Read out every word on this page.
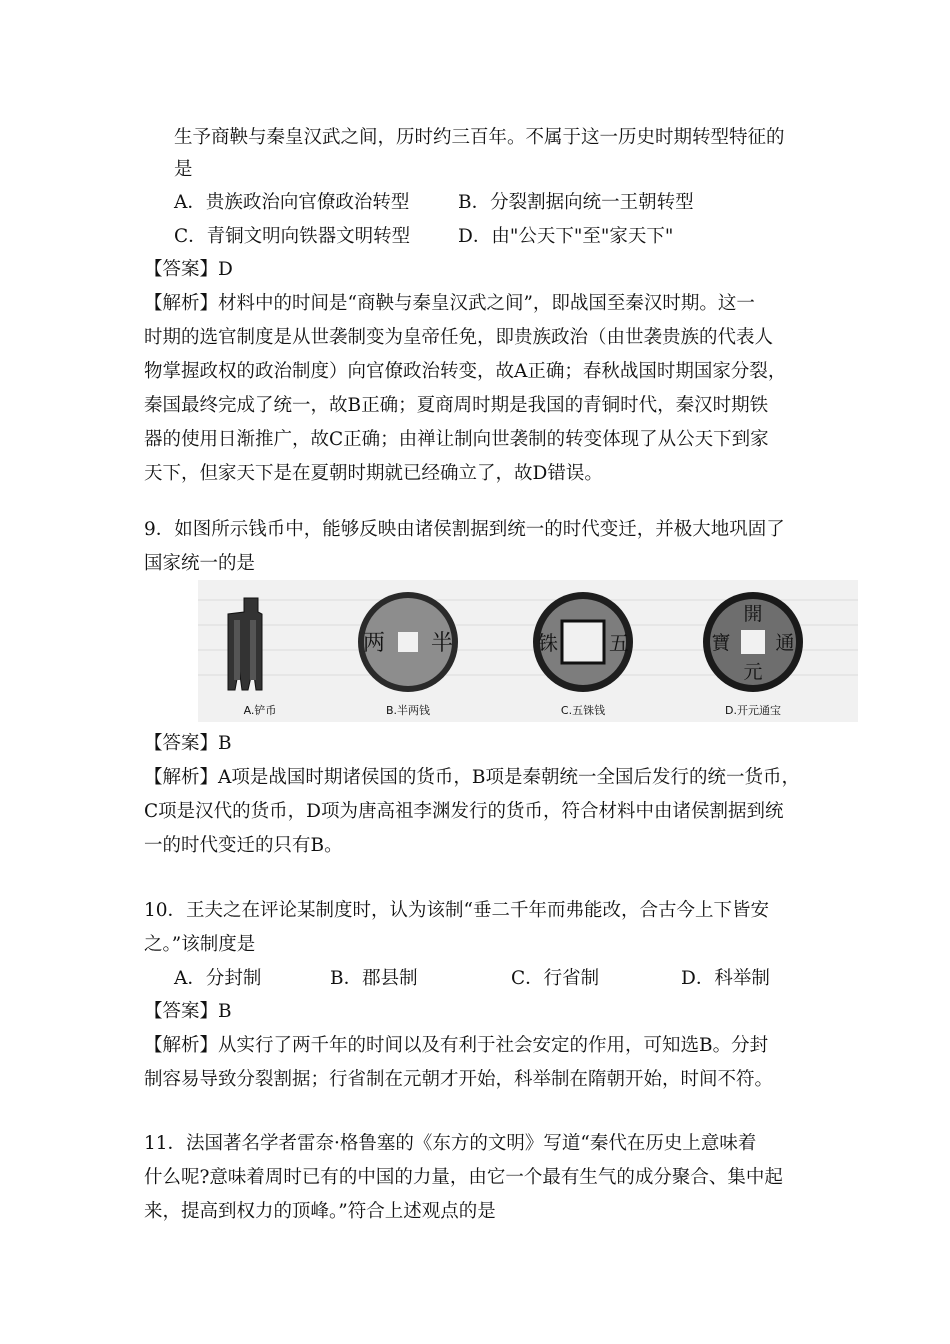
生予商鞅与秦皇汉武之间，历时约三百年。不属于这一历史时期转型特征的
是
A．贵族政治向官僚政治转型	B．分裂割据向统一王朝转型
C．青铜文明向铁器文明转型	D．由"公天下"至"家天下"
【答案】D
【解析】材料中的时间是“商鞅与秦皇汉武之间”，即战国至秦汉时期。这一
时期的选官制度是从世袭制变为皇帝任免，即贵族政治（由世袭贵族的代表人
物掌握政权的政治制度）向官僚政治转变，故A正确；春秋战国时期国家分裂，
秦国最终完成了统一，故B正确；夏商周时期是我国的青铜时代，秦汉时期铁
器的使用日渐推广，故C正确；由禅让制向世袭制的转变体现了从公天下到家
天下，但家天下是在夏朝时期就已经确立了，故D错误。
9．如图所示钱币中，能够反映由诸侯割据到统一的时代变迁，并极大地巩固了
国家统一的是
A.铲币
两 半
B.半两钱
铢	五
C.五铢钱
開
通
元
寶
D.开元通宝
【答案】B
【解析】A项是战国时期诸侯国的货币，B项是秦朝统一全国后发行的统一货币，
C项是汉代的货币，D项为唐高祖李渊发行的货币，符合材料中由诸侯割据到统
一的时代变迁的只有B。
10．王夫之在评论某制度时，认为该制“垂二千年而弗能改，合古今上下皆安
之。”该制度是
A．分封制	B．郡县制	C．行省制	D．科举制
【答案】B
【解析】从实行了两千年的时间以及有利于社会安定的作用，可知选B。分封
制容易导致分裂割据；行省制在元朝才开始，科举制在隋朝开始，时间不符。
11．法国著名学者雷奈·格鲁塞的《东方的文明》写道“秦代在历史上意味着
什么呢?意味着周时已有的中国的力量，由它一个最有生气的成分聚合、集中起
来，提高到权力的顶峰。”符合上述观点的是
